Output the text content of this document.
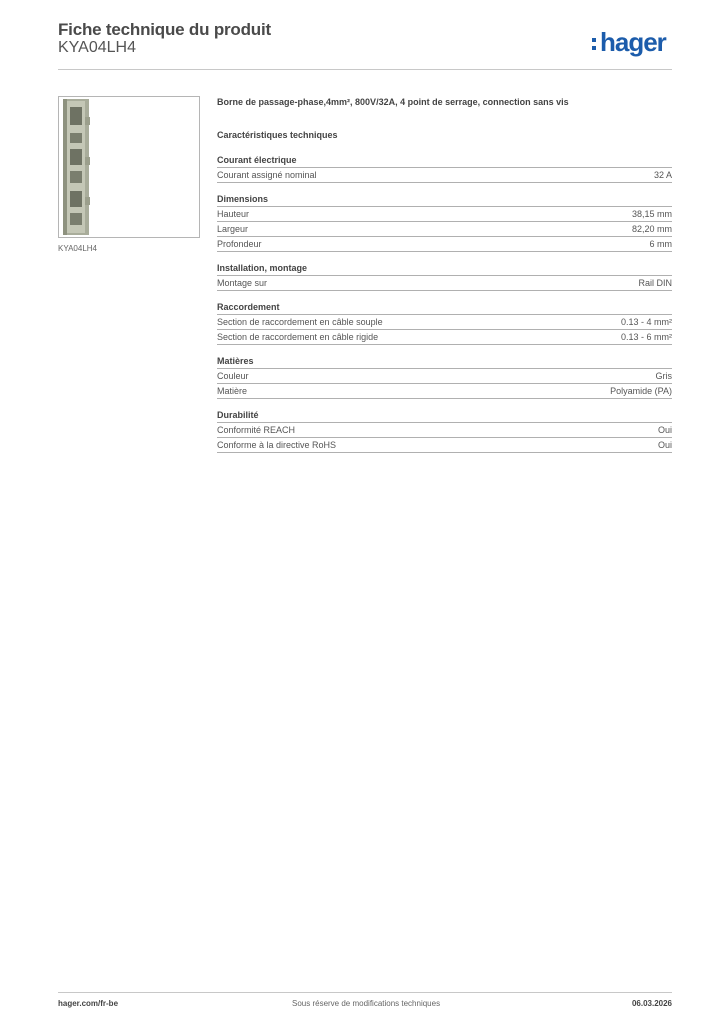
Fiche technique du produit
KYA04LH4	hager
KYA04LH4
Borne de passage-phase,4mm², 800V/32A, 4 point de serrage, connection sans vis
Caractéristiques techniques
Courant électrique
Courant assigné nominal	32 A
Dimensions
Hauteur	38,15 mm
Largeur	82,20 mm
Profondeur	6 mm
Installation, montage
Montage sur	Rail DIN
Raccordement
Section de raccordement en câble souple	0.13 - 4 mm²
Section de raccordement en câble rigide	0.13 - 6 mm²
Matières
Couleur	Gris
Matière	Polyamide (PA)
Durabilité
Conformité REACH	Oui
Conforme à la directive RoHS	Oui
hager.com/fr-be	Sous réserve de modifications techniques	06.03.2026
